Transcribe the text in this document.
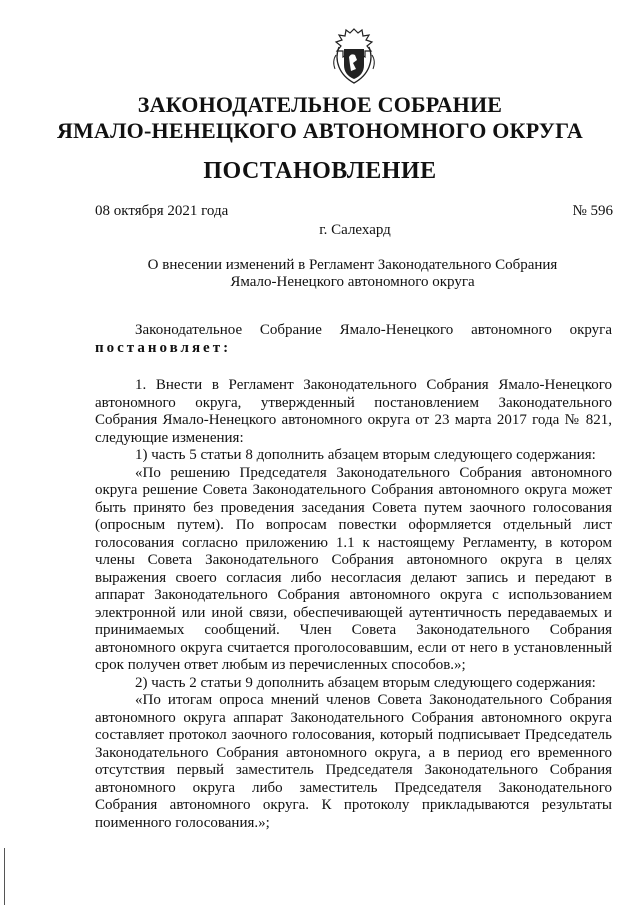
ЗАКОНОДАТЕЛЬНОЕ СОБРАНИЕ
ЯМАЛО-НЕНЕЦКОГО АВТОНОМНОГО ОКРУГА
ПОСТАНОВЛЕНИЕ
08 октября 2021 года	№ 596
г. Салехард
О внесении изменений в Регламент Законодательного Собрания
Ямало-Ненецкого автономного округа

Законодательное Собрание Ямало-Ненецкого автономного округа постановляет:

1. Внести в Регламент Законодательного Собрания Ямало-Ненецкого автономного округа, утвержденный постановлением Законодательного Собрания Ямало-Ненецкого автономного округа от 23 марта 2017 года № 821, следующие изменения:

1) часть 5 статьи 8 дополнить абзацем вторым следующего содержания:

«По решению Председателя Законодательного Собрания автономного округа решение Совета Законодательного Собрания автономного округа может быть принято без проведения заседания Совета путем заочного голосования (опросным путем). По вопросам повестки оформляется отдельный лист голосования согласно приложению 1.1 к настоящему Регламенту, в котором члены Совета Законодательного Собрания автономного округа в целях выражения своего согласия либо несогласия делают запись и передают в аппарат Законодательного Собрания автономного округа с использованием электронной или иной связи, обеспечивающей аутентичность передаваемых и принимаемых сообщений. Член Совета Законодательного Собрания автономного округа считается проголосовавшим, если от него в установленный срок получен ответ любым из перечисленных способов.»;

2) часть 2 статьи 9 дополнить абзацем вторым следующего содержания:

«По итогам опроса мнений членов Совета Законодательного Собрания автономного округа аппарат Законодательного Собрания автономного округа составляет протокол заочного голосования, который подписывает Председатель Законодательного Собрания автономного округа, а в период его временного отсутствия первый заместитель Председателя Законодательного Собрания автономного округа либо заместитель Председателя Законодательного Собрания автономного округа. К протоколу прикладываются результаты поименного голосования.»;
